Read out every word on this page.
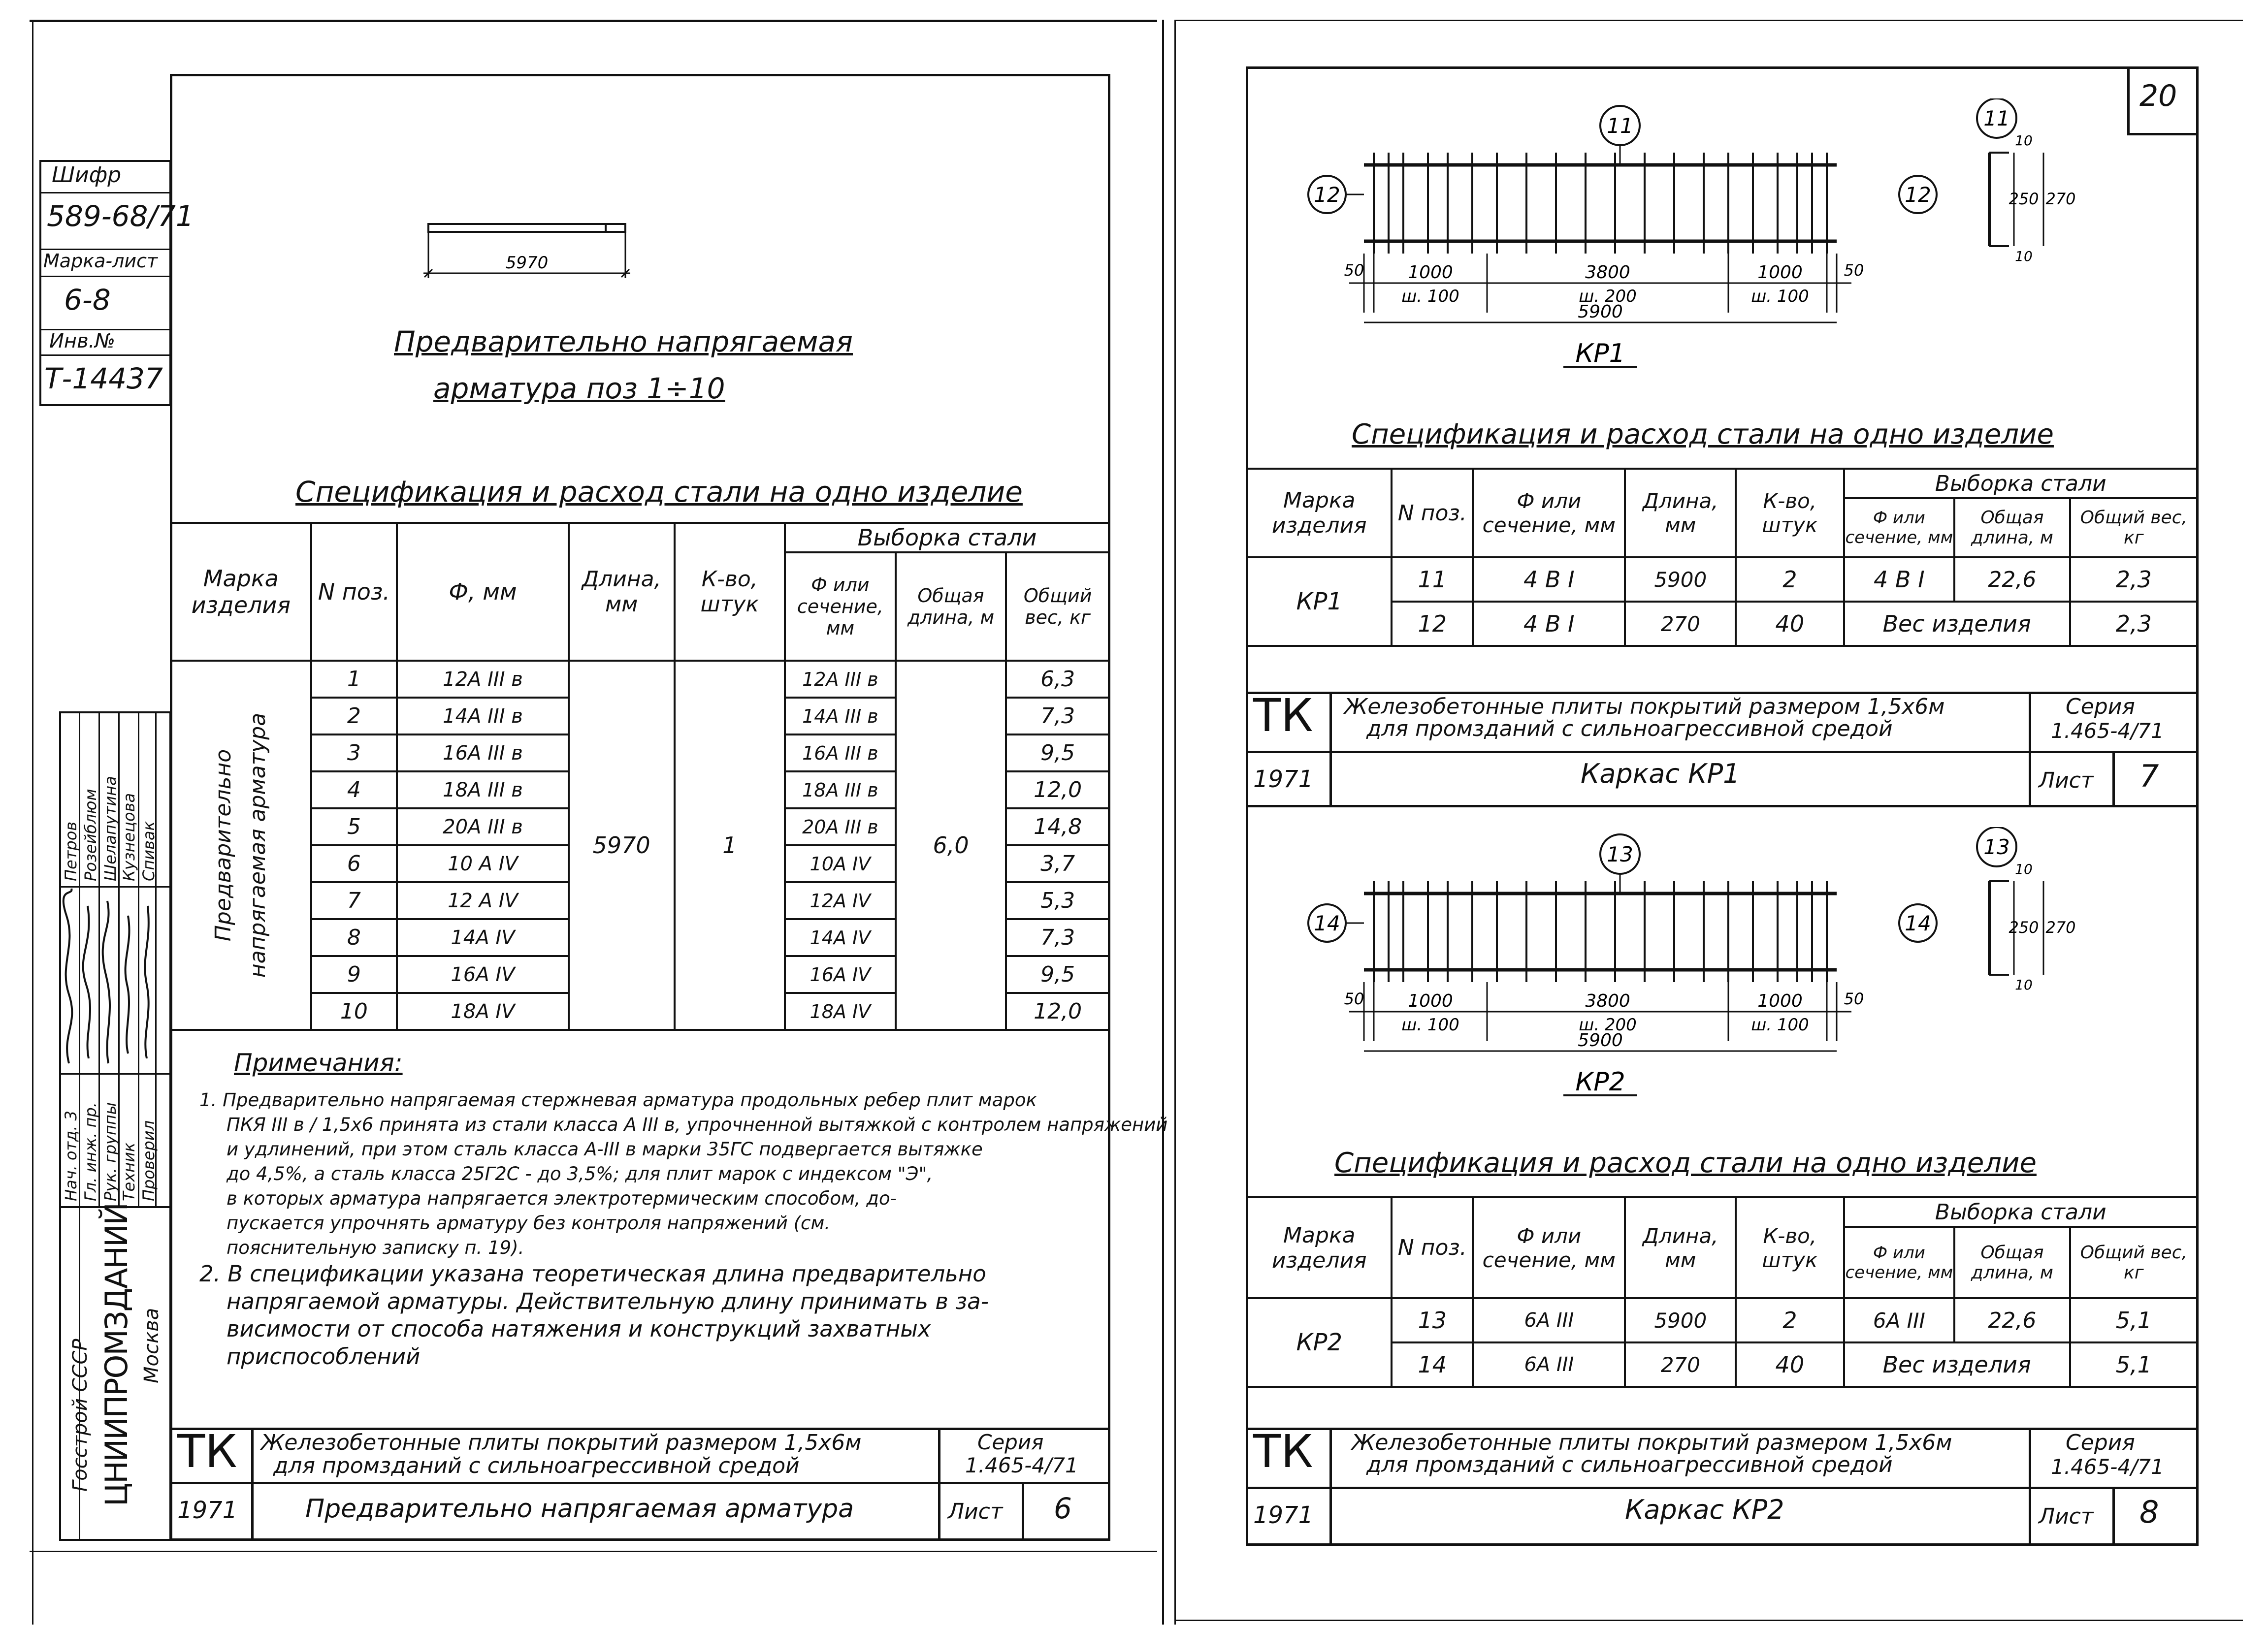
Шифр
589-68/71
Марка-лист
6-8
Инв.№
Т-14437
Нач. отд. 3 Гл. инж. пр. Рук. группы Техник Проверил
Петров Розейблюм Шелапутина Кузнецова Спивак
Госстрой СССР ЦНИИПРОМЗДАНИЙ Москва
5970
Предварительно напрягаемая
арматура поз 1÷10
Спецификация и расход стали на одно изделие
Марка изделия	N поз.	Ф, мм	Длина, мм	К-во, штук	Выборка стали		
					Ф или сечение, мм	Общая длина, м	Общий вес, кг

Предварительно напрягаемая арматура	1	12A III в	5970	1	12A III в	6,0	6,3
	2	14A III в			14A III в		7,3
	3	16A III в			16A III в		9,5
	4	18A III в			18A III в		12,0
	5	20A III в			20A III в		14,8
	6	10 A IV			10A IV		3,7
	7	12 A IV			12A IV		5,3
	8	14A IV			14A IV		7,3
	9	16A IV			16A IV		9,5
	10	18A IV			18A IV		12,0
Примечания:
1. Предварительно напрягаемая стержневая арматура продольных ребер плит марок
ПКЯ III в / 1,5х6 принята из стали класса A III в, упрочненной вытяжкой с контролем напряжений
и удлинений, при этом сталь класса A-III в марки 35ГС подвергается вытяжке
до 4,5%, а сталь класса 25Г2С - до 3,5%; для плит марок с индексом "Э",
в которых арматура напрягается электротермическим способом, до-
пускается упрочнять арматуру без контроля напряжений (см.
пояснительную записку п. 19).
2. В спецификации указана теоретическая длина предварительно
напрягаемой арматуры. Действительную длину принимать в за-
висимости от способа натяжения и конструкций захватных
приспособлений
ТК Железобетонные плиты покрытий размером 1,5х6м
для промзданий с сильноагрессивной средой
Серия
1.465-4/71
1971	Предварительно напрягаемая арматура	Лист 6
20
12
11
50	50
1000
ш. 100
3800
ш. 200
1000
ш. 100
5900
КР1
11
12
10
250
10
270
Спецификация и расход стали на одно изделие
Марка изделия	N поз.	Ф или сечение, мм	Длина, мм	К-во, штук	Выборка стали		
					Ф или сечение, мм	Общая длина, м	Общий вес, кг
КР1	11	4 В I	5900	2	4 В I	22,6	2,3
	12	4 В I	270	40	Вес изделия		2,3
ТК Железобетонные плиты покрытий размером 1,5х6м
для промзданий с сильноагрессивной средой
Серия
1.465-4/71
1971	Каркас КР1	Лист 7
14
13
50	50
1000
ш. 100
3800
ш. 200
1000
ш. 100
5900
КР2
13
14
10
250
10
270
Спецификация и расход стали на одно изделие
Марка изделия	N поз.	Ф или сечение, мм	Длина, мм	К-во, штук	Выборка стали		
					Ф или сечение, мм	Общая длина, м	Общий вес, кг
КР2	13	6A III	5900	2	6A III	22,6	5,1
	14	6A III	270	40	Вес изделия		5,1
ТК Железобетонные плиты покрытий размером 1,5х6м
для промзданий с сильноагрессивной средой
Серия
1.465-4/71
1971	Каркас КР2	Лист 8
